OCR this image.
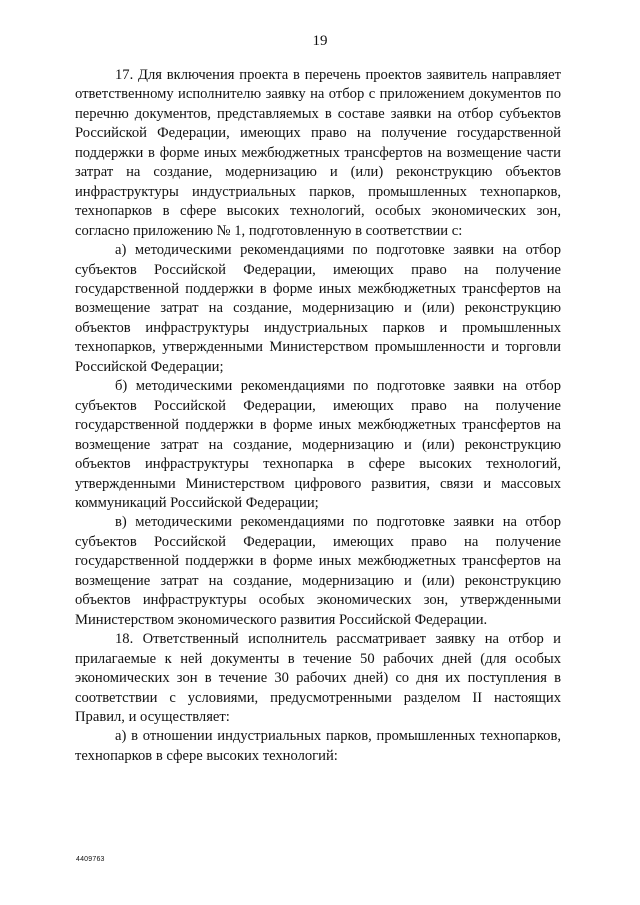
19

17. Для включения проекта в перечень проектов заявитель направляет ответственному исполнителю заявку на отбор с приложением документов по перечню документов, представляемых в составе заявки на отбор субъектов Российской Федерации, имеющих право на получение государственной поддержки в форме иных межбюджетных трансфертов на возмещение части затрат на создание, модернизацию и (или) реконструкцию объектов инфраструктуры индустриальных парков, промышленных технопарков, технопарков в сфере высоких технологий, особых экономических зон, согласно приложению № 1, подготовленную в соответствии с:

а) методическими рекомендациями по подготовке заявки на отбор субъектов Российской Федерации, имеющих право на получение государственной поддержки в форме иных межбюджетных трансфертов на возмещение затрат на создание, модернизацию и (или) реконструкцию объектов инфраструктуры индустриальных парков и промышленных технопарков, утвержденными Министерством промышленности и торговли Российской Федерации;

б) методическими рекомендациями по подготовке заявки на отбор субъектов Российской Федерации, имеющих право на получение государственной поддержки в форме иных межбюджетных трансфертов на возмещение затрат на создание, модернизацию и (или) реконструкцию объектов инфраструктуры технопарка в сфере высоких технологий, утвержденными Министерством цифрового развития, связи и массовых коммуникаций Российской Федерации;

в) методическими рекомендациями по подготовке заявки на отбор субъектов Российской Федерации, имеющих право на получение государственной поддержки в форме иных межбюджетных трансфертов на возмещение затрат на создание, модернизацию и (или) реконструкцию объектов инфраструктуры особых экономических зон, утвержденными Министерством экономического развития Российской Федерации.

18. Ответственный исполнитель рассматривает заявку на отбор и прилагаемые к ней документы в течение 50 рабочих дней (для особых экономических зон в течение 30 рабочих дней) со дня их поступления в соответствии с условиями, предусмотренными разделом II настоящих Правил, и осуществляет:

а) в отношении индустриальных парков, промышленных технопарков, технопарков в сфере высоких технологий:

4409763
